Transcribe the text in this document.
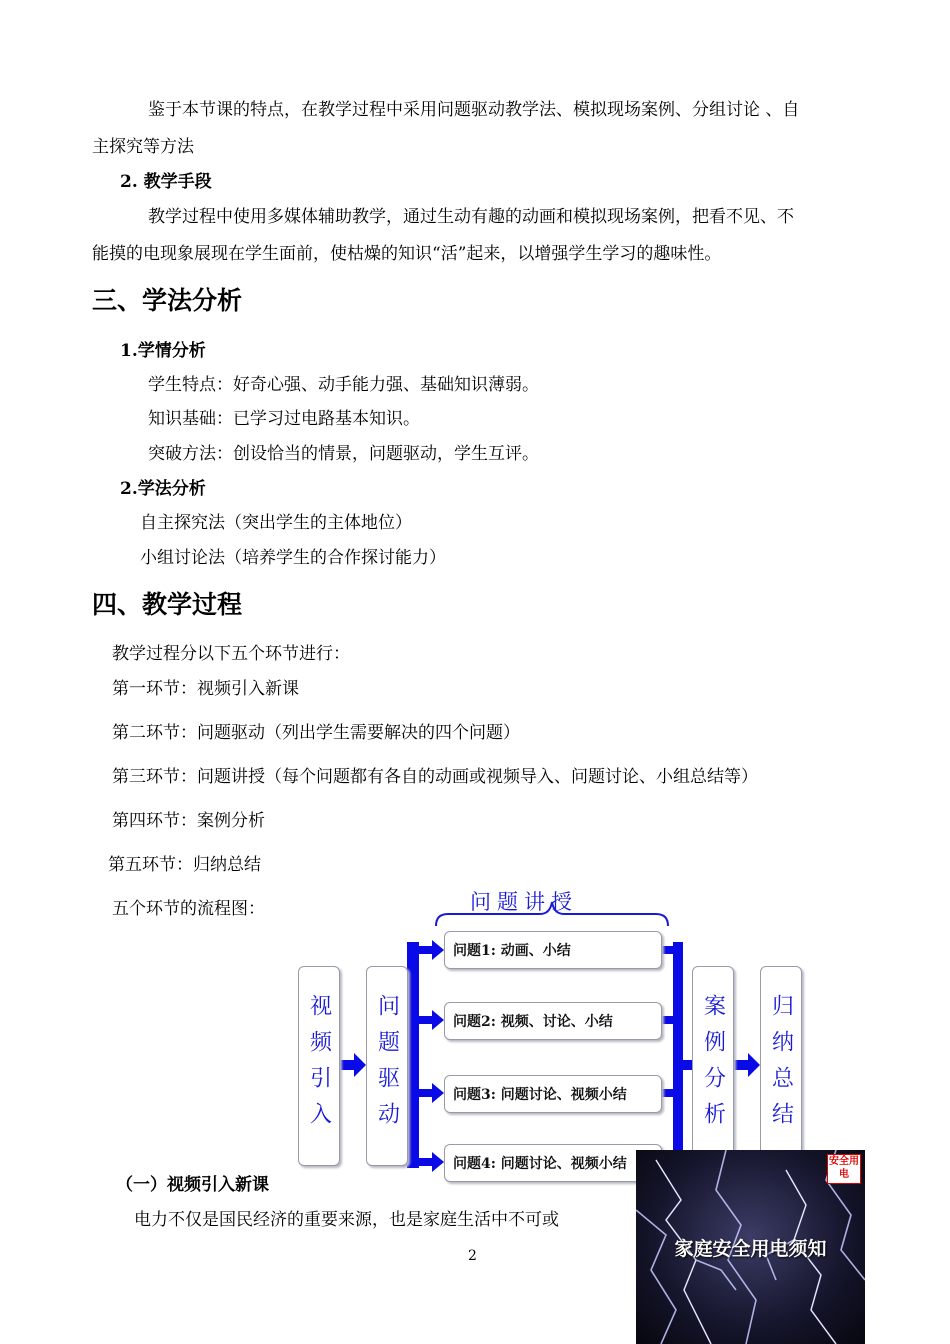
鉴于本节课的特点，在教学过程中采用问题驱动教学法、模拟现场案例、分组讨论 、自
主探究等方法
2. 教学手段
教学过程中使用多媒体辅助教学，通过生动有趣的动画和模拟现场案例，把看不见、不
能摸的电现象展现在学生面前，使枯燥的知识“活”起来，以增强学生学习的趣味性。
三、学法分析
1.学情分析
学生特点：好奇心强、动手能力强、基础知识薄弱。
知识基础：已学习过电路基本知识。
突破方法：创设恰当的情景，问题驱动，学生互评。
2.学法分析
自主探究法（突出学生的主体地位）
小组讨论法（培养学生的合作探讨能力）
四、教学过程
教学过程分以下五个环节进行：
第一环节：视频引入新课
第二环节：问题驱动（列出学生需要解决的四个问题）
第三环节：问题讲授（每个问题都有各自的动画或视频导入、问题讨论、小组总结等）
第四环节：案例分析
第五环节：归纳总结
五个环节的流程图：	问题讲授
视频引入 问题驱动
问题1: 动画、小结
问题2: 视频、讨论、小结
问题3: 问题讨论、视频小结
问题4: 问题讨论、视频小结
案例分析 归纳总结
（一）视频引入新课
电力不仅是国民经济的重要来源，也是家庭生活中不可或
安全用电
家庭安全用电须知
2
